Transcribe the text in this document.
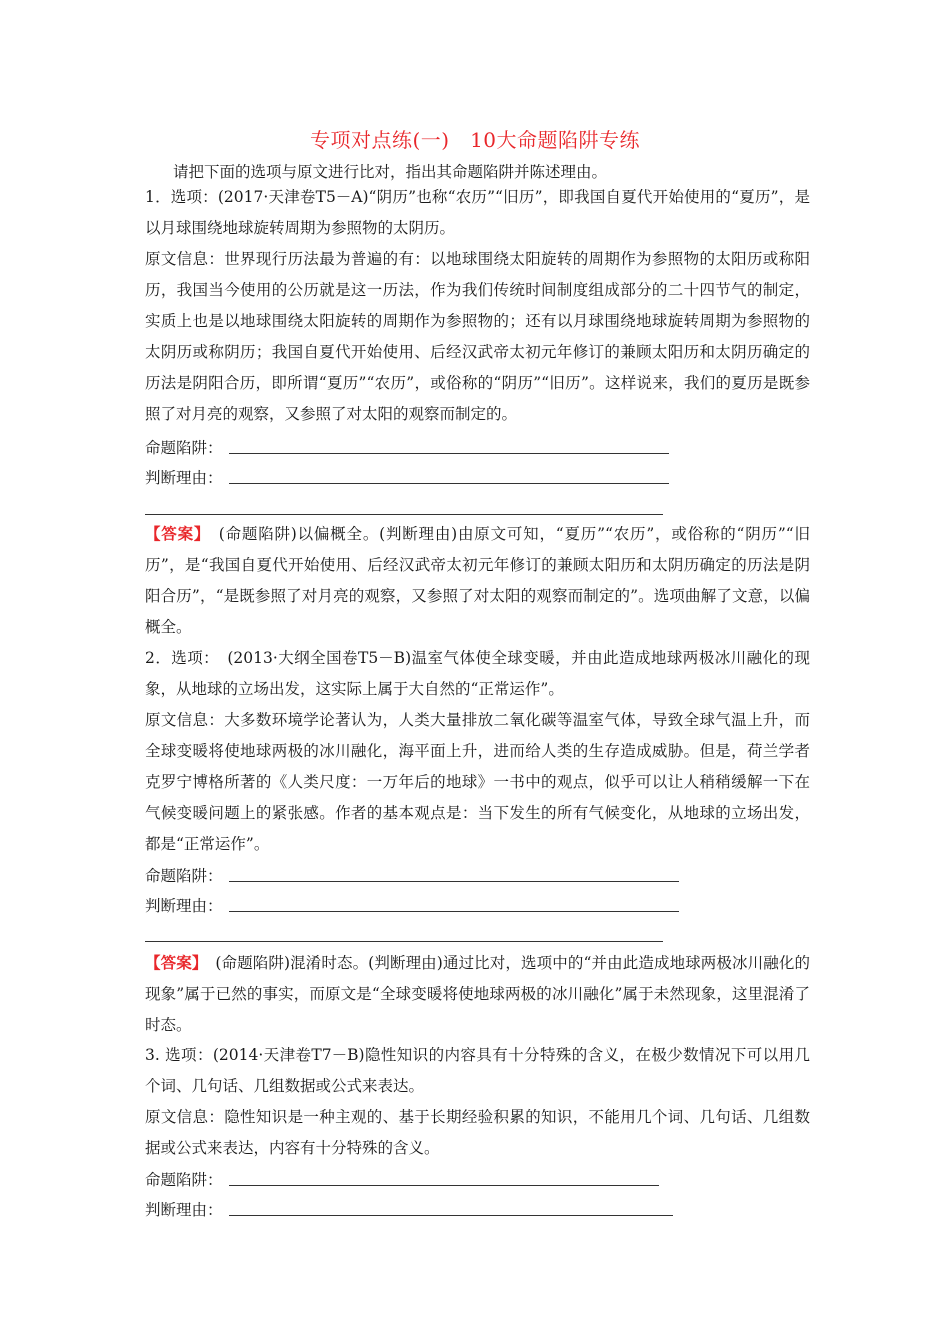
专项对点练(一)　10大命题陷阱专练
请把下面的选项与原文进行比对，指出其命题陷阱并陈述理由。

1．选项：(2017·天津卷T5－A)“阴历”也称“农历”“旧历”，即我国自夏代开始使用的“夏历”，是以月球围绕地球旋转周期为参照物的太阴历。

原文信息：世界现行历法最为普遍的有：以地球围绕太阳旋转的周期作为参照物的太阳历或称阳历，我国当今使用的公历就是这一历法，作为我们传统时间制度组成部分的二十四节气的制定，实质上也是以地球围绕太阳旋转的周期作为参照物的；还有以月球围绕地球旋转周期为参照物的太阴历或称阴历；我国自夏代开始使用、后经汉武帝太初元年修订的兼顾太阳历和太阴历确定的历法是阴阳合历，即所谓“夏历”“农历”，或俗称的“阴历”“旧历”。这样说来，我们的夏历是既参照了对月亮的观察，又参照了对太阳的观察而制定的。

命题陷阱：
判断理由：

【答案】　(命题陷阱)以偏概全。(判断理由)由原文可知，“夏历”“农历”，或俗称的“阴历”“旧历”，是“我国自夏代开始使用、后经汉武帝太初元年修订的兼顾太阳历和太阴历确定的历法是阴阳合历”，“是既参照了对月亮的观察，又参照了对太阳的观察而制定的”。选项曲解了文意，以偏概全。

2．选项：　(2013·大纲全国卷T5－B)温室气体使全球变暖，并由此造成地球两极冰川融化的现象，从地球的立场出发，这实际上属于大自然的“正常运作”。

原文信息：大多数环境学论著认为，人类大量排放二氧化碳等温室气体，导致全球气温上升，而全球变暖将使地球两极的冰川融化，海平面上升，进而给人类的生存造成威胁。但是，荷兰学者克罗宁博格所著的《人类尺度：一万年后的地球》一书中的观点，似乎可以让人稍稍缓解一下在气候变暖问题上的紧张感。作者的基本观点是：当下发生的所有气候变化，从地球的立场出发，都是“正常运作”。

命题陷阱：
判断理由：

【答案】　(命题陷阱)混淆时态。(判断理由)通过比对，选项中的“并由此造成地球两极冰川融化的现象”属于已然的事实，而原文是“全球变暖将使地球两极的冰川融化”属于未然现象，这里混淆了时态。

3. 选项：(2014·天津卷T7－B)隐性知识的内容具有十分特殊的含义，在极少数情况下可以用几个词、几句话、几组数据或公式来表达。

原文信息：隐性知识是一种主观的、基于长期经验积累的知识，不能用几个词、几句话、几组数据或公式来表达，内容有十分特殊的含义。

命题陷阱：
判断理由：
